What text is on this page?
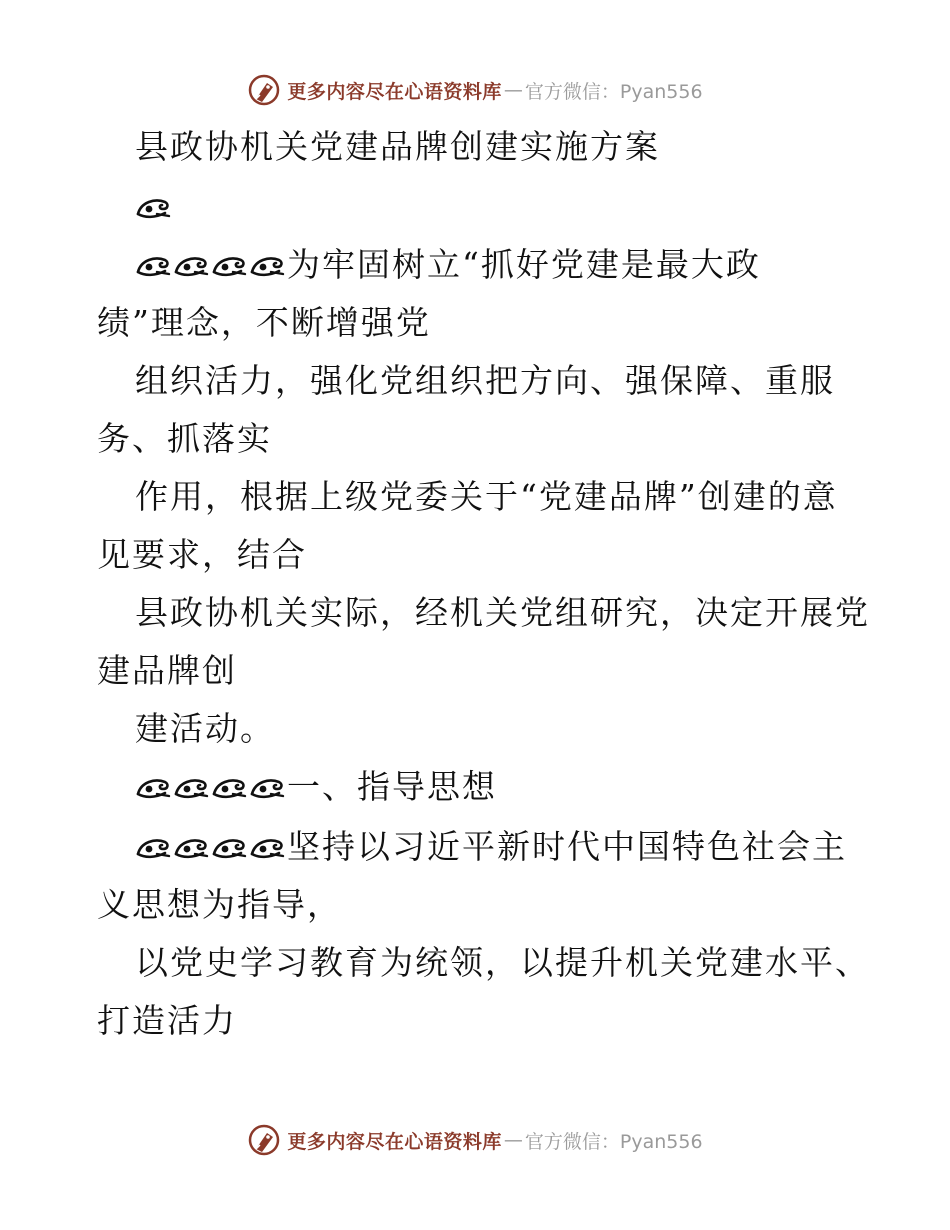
更多内容尽在心语资料库 — 官方微信：Pyan556
县政协机关党建品牌创建实施方案
为牢固树立“抓好党建是最大政
绩”理念，不断增强党
组织活力，强化党组织把方向、强保障、重服
务、抓落实
作用，根据上级党委关于“党建品牌”创建的意
见要求，结合
县政协机关实际，经机关党组研究，决定开展党
建品牌创
建活动。
一、指导思想
坚持以习近平新时代中国特色社会主
义思想为指导，
以党史学习教育为统领，以提升机关党建水平、
打造活力
更多内容尽在心语资料库 — 官方微信：Pyan556
